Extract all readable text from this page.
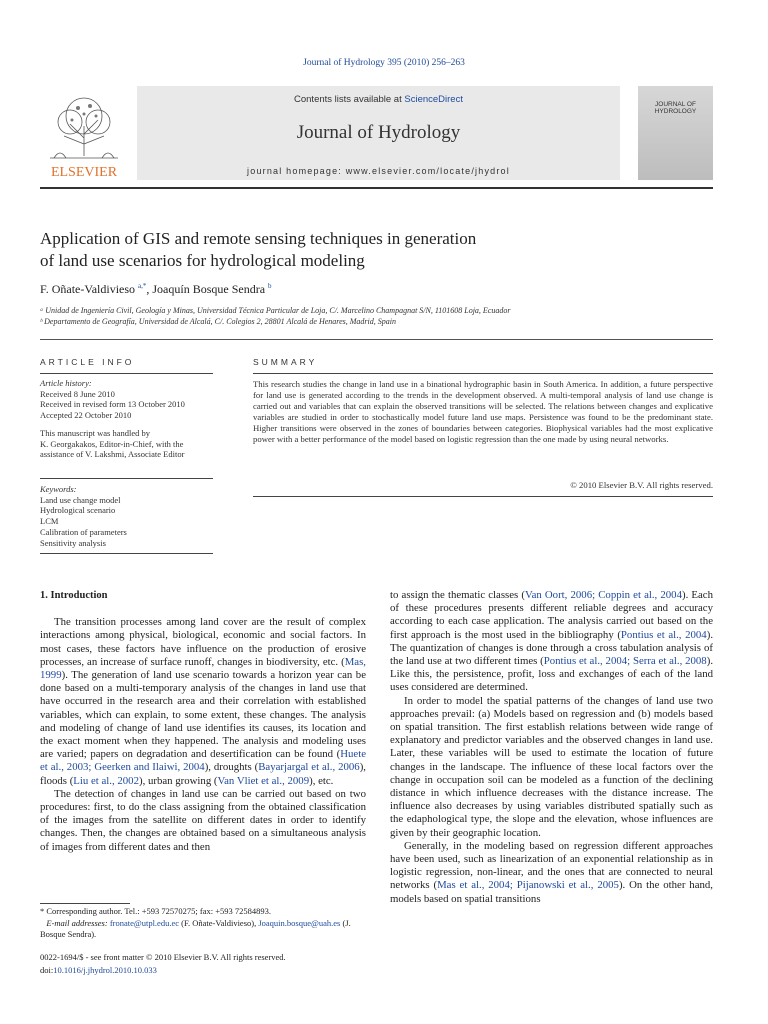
Journal of Hydrology 395 (2010) 256–263
ELSEVIER
Contents lists available at ScienceDirect
Journal of Hydrology
journal homepage: www.elsevier.com/locate/jhydrol
JOURNAL OF HYDROLOGY
Application of GIS and remote sensing techniques in generation
of land use scenarios for hydrological modeling
F. Oñate-Valdivieso $^{a,*}$, Joaquín Bosque Sendra $^b$
ᵃ Unidad de Ingeniería Civil, Geología y Minas, Universidad Técnica Particular de Loja, C/. Marcelino Champagnat S/N, 1101608 Loja, Ecuador
ᵇ Departamento de Geografía, Universidad de Alcalá, C/. Colegios 2, 28801 Alcalá de Henares, Madrid, Spain
ARTICLE INFO
Article history:
Received 8 June 2010
Received in revised form 13 October 2010
Accepted 22 October 2010
This manuscript was handled by
K. Georgakakos, Editor-in-Chief, with the
assistance of V. Lakshmi, Associate Editor
Keywords:
Land use change model
Hydrological scenario
LCM
Calibration of parameters
Sensitivity analysis
SUMMARY
This research studies the change in land use in a binational hydrographic basin in South America. In addition, a future perspective for land use is generated according to the trends in the development observed. A multi-temporal analysis of land use change is carried out and variables that can explain the observed transitions will be selected. The relations between changes and explicative variables are studied in order to stochastically model future land use maps. Persistence was found to be the predominant state. Higher transitions were observed in the zones of boundaries between categories. Biophysical variables had the most explicative power with a better performance of the model based on logistic regression than the one made by using neural networks.
© 2010 Elsevier B.V. All rights reserved.
1. Introduction

The transition processes among land cover are the result of complex interactions among physical, biological, economic and social factors. In most cases, these factors have influence on the production of erosive processes, an increase of surface runoff, changes in biodiversity, etc. (Mas, 1999). The generation of land use scenario towards a horizon year can be done based on a multi-temporary analysis of the changes in land use that have occurred in the research area and their correlation with established variables, which can explain, to some extent, these changes. The analysis and modeling of change of land use identifies its causes, its location and the exact moment when they happened. The analysis and modeling uses are varied; papers on degradation and desertification can be found (Huete et al., 2003; Geerken and Ilaiwi, 2004), droughts (Bayarjargal et al., 2006), floods (Liu et al., 2002), urban growing (Van Vliet et al., 2009), etc.

The detection of changes in land use can be carried out based on two procedures: first, to do the class assigning from the obtained classification of the images from the satellite on different dates in order to identify changes. Then, the changes are obtained based on a simultaneous analysis of images from different dates and then

to assign the thematic classes (Van Oort, 2006; Coppin et al., 2004). Each of these procedures presents different reliable degrees and accuracy according to each case application. The analysis carried out based on the first approach is the most used in the bibliography (Pontius et al., 2004). The quantization of changes is done through a cross tabulation analysis of the land use at two different times (Pontius et al., 2004; Serra et al., 2008). Like this, the persistence, profit, loss and exchanges of each of the land uses considered are determined.

In order to model the spatial patterns of the changes of land use two approaches prevail: (a) Models based on regression and (b) models based on spatial transition. The first establish relations between wide range of explanatory and predictor variables and the observed changes in land use. Later, these variables will be used to estimate the location of future changes in the landscape. The influence of these local factors over the change in occupation soil can be modeled as a function of the declining distance in which influence decreases with the distance increase. The influence also decreases by using variables distributed spatially such as the edaphological type, the slope and the elevation, whose influences are given by their geographic location.

Generally, in the modeling based on regression different approaches have been used, such as linearization of an exponential relationship as in logistic regression, non-linear, and the ones that are connected to neural networks (Mas et al., 2004; Pijanowski et al., 2005). On the other hand, models based on spatial transitions

* Corresponding author. Tel.: +593 72570275; fax: +593 72584893.
E-mail addresses: fronate@utpl.edu.ec (F. Oñate-Valdivieso), Joaquin.bosque@uah.es (J. Bosque Sendra).
0022-1694/$ - see front matter © 2010 Elsevier B.V. All rights reserved.
doi:10.1016/j.jhydrol.2010.10.033
